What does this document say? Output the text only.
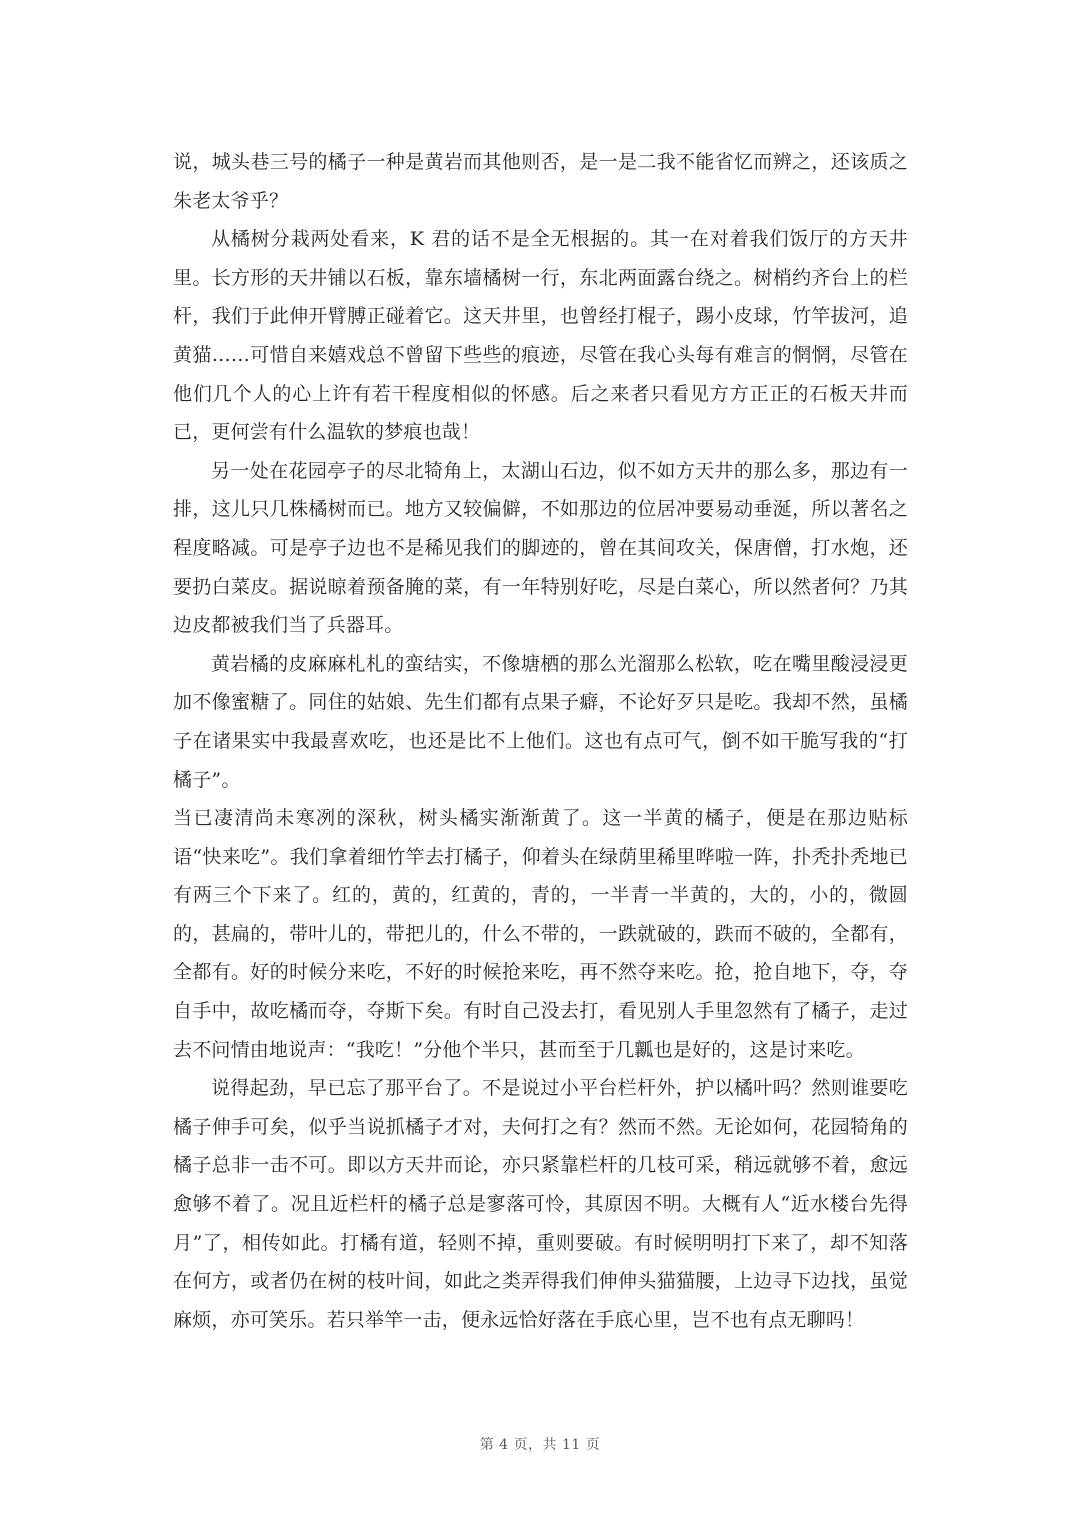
说，城头巷三号的橘子一种是黄岩而其他则否，是一是二我不能省忆而辨之，还该质之朱老太爷乎？

从橘树分栽两处看来，K 君的话不是全无根据的。其一在对着我们饭厅的方天井里。长方形的天井铺以石板，靠东墙橘树一行，东北两面露台绕之。树梢约齐台上的栏杆，我们于此伸开臂膊正碰着它。这天井里，也曾经打棍子，踢小皮球，竹竿拔河，追黄猫……可惜自来嬉戏总不曾留下些些的痕迹，尽管在我心头每有难言的惘惘，尽管在他们几个人的心上许有若干程度相似的怀感。后之来者只看见方方正正的石板天井而已，更何尝有什么温软的梦痕也哉！

另一处在花园亭子的尽北犄角上，太湖山石边，似不如方天井的那么多，那边有一排，这儿只几株橘树而已。地方又较偏僻，不如那边的位居冲要易动垂涎，所以著名之程度略减。可是亭子边也不是稀见我们的脚迹的，曾在其间攻关，保唐僧，打水炮，还要扔白菜皮。据说晾着预备腌的菜，有一年特别好吃，尽是白菜心，所以然者何？乃其边皮都被我们当了兵器耳。

黄岩橘的皮麻麻札札的蛮结实，不像塘栖的那么光溜那么松软，吃在嘴里酸浸浸更加不像蜜糖了。同住的姑娘、先生们都有点果子癖，不论好歹只是吃。我却不然，虽橘子在诸果实中我最喜欢吃，也还是比不上他们。这也有点可气，倒不如干脆写我的“打橘子”。

当已凄清尚未寒冽的深秋，树头橘实渐渐黄了。这一半黄的橘子，便是在那边贴标语“快来吃”。我们拿着细竹竿去打橘子，仰着头在绿荫里稀里哗啦一阵，扑秃扑秃地已有两三个下来了。红的，黄的，红黄的，青的，一半青一半黄的，大的，小的，微圆的，甚扁的，带叶儿的，带把儿的，什么不带的，一跌就破的，跌而不破的，全都有，全都有。好的时候分来吃，不好的时候抢来吃，再不然夺来吃。抢，抢自地下，夺，夺自手中，故吃橘而夺，夺斯下矣。有时自己没去打，看见别人手里忽然有了橘子，走过去不问情由地说声：“我吃！”分他个半只，甚而至于几瓤也是好的，这是讨来吃。

说得起劲，早已忘了那平台了。不是说过小平台栏杆外，护以橘叶吗？然则谁要吃橘子伸手可矣，似乎当说抓橘子才对，夫何打之有？然而不然。无论如何，花园犄角的橘子总非一击不可。即以方天井而论，亦只紧靠栏杆的几枝可采，稍远就够不着，愈远愈够不着了。况且近栏杆的橘子总是寥落可怜，其原因不明。大概有人“近水楼台先得月”了，相传如此。打橘有道，轻则不掉，重则要破。有时候明明打下来了，却不知落在何方，或者仍在树的枝叶间，如此之类弄得我们伸伸头猫猫腰，上边寻下边找，虽觉麻烦，亦可笑乐。若只举竿一击，便永远恰好落在手底心里，岂不也有点无聊吗！

第 4 页，共 11 页
